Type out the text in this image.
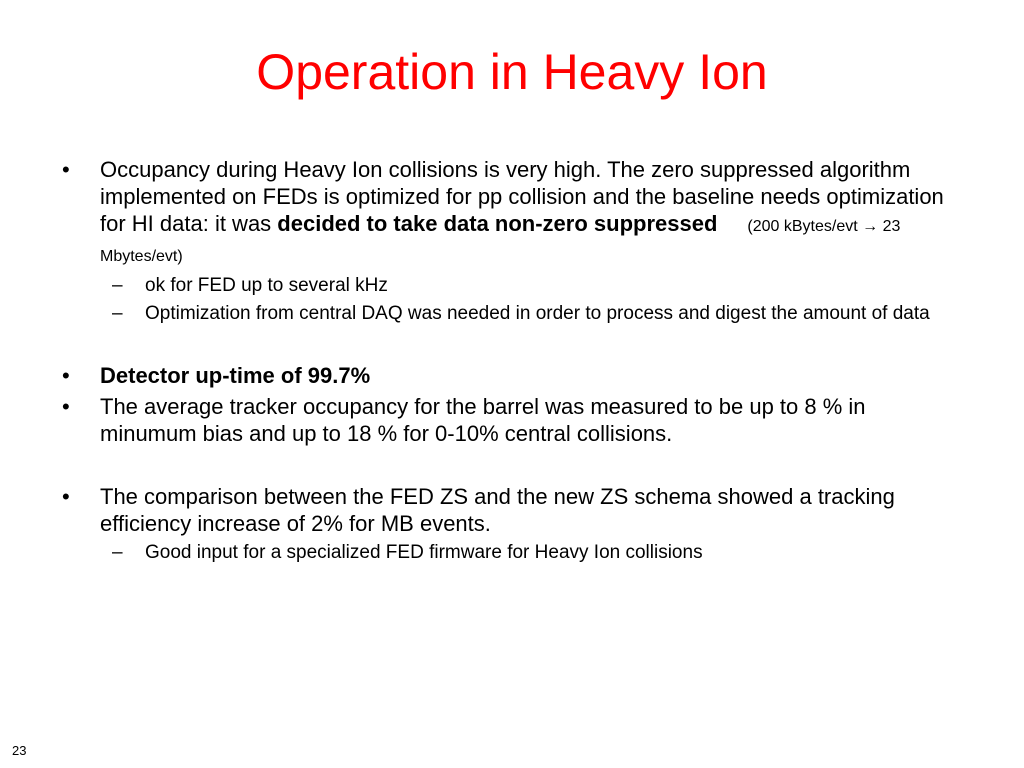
Operation in Heavy Ion
•	Occupancy during Heavy Ion collisions is very high. The zero suppressed algorithm implemented on FEDs is optimized for pp collision and the baseline needs optimization for HI data: it was decided to take data non-zero suppressed (200 kBytes/evt → 23 Mbytes/evt)
– ok for FED up to several kHz
– Optimization from central DAQ was needed in order to process and digest the amount of data
•	Detector up-time of 99.7%
•	The average tracker occupancy for the barrel was measured to be up to 8 % in minumum bias and up to 18 % for 0-10% central collisions.
•	The comparison between the FED ZS and the new ZS schema showed a tracking efficiency increase of 2% for MB events.
– Good input for a specialized FED firmware for Heavy Ion collisions
23
